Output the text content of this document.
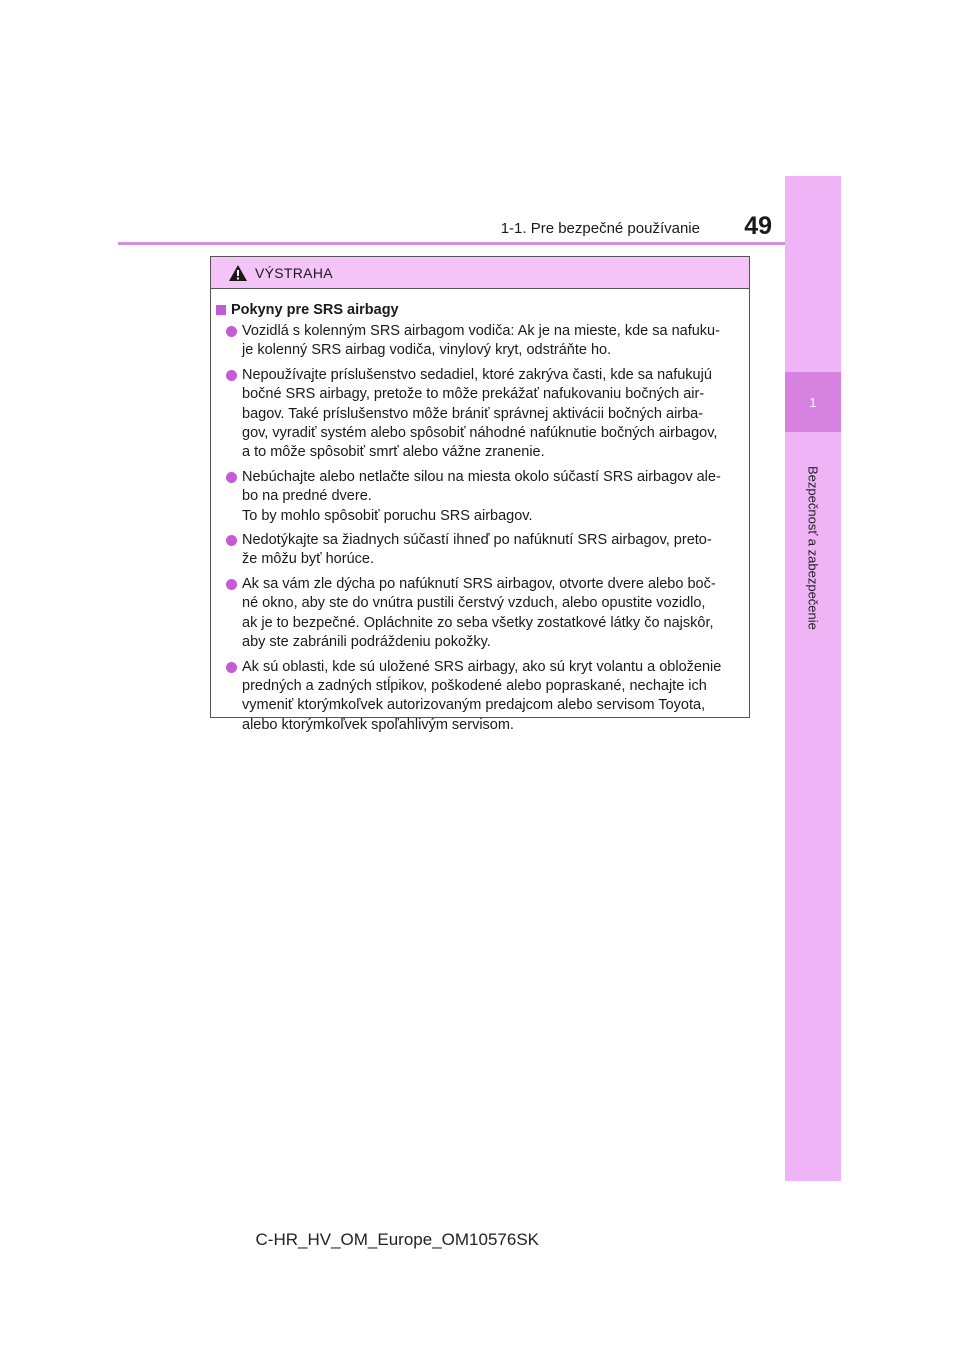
1-1. Pre bezpečné používanie	49
1
Bezpečnosť a zabezpečenie
VÝSTRAHA
Pokyny pre SRS airbagy
Vozidlá s kolenným SRS airbagom vodiča: Ak je na mieste, kde sa nafuku-
je kolenný SRS airbag vodiča, vinylový kryt, odstráňte ho.
Nepoužívajte príslušenstvo sedadiel, ktoré zakrýva časti, kde sa nafukujú
bočné SRS airbagy, pretože to môže prekážať nafukovaniu bočných air-
bagov. Také príslušenstvo môže brániť správnej aktivácii bočných airba-
gov, vyradiť systém alebo spôsobiť náhodné nafúknutie bočných airbagov,
a to môže spôsobiť smrť alebo vážne zranenie.
Nebúchajte alebo netlačte silou na miesta okolo súčastí SRS airbagov ale-
bo na predné dvere.
To by mohlo spôsobiť poruchu SRS airbagov.
Nedotýkajte sa žiadnych súčastí ihneď po nafúknutí SRS airbagov, preto-
že môžu byť horúce.
Ak sa vám zle dýcha po nafúknutí SRS airbagov, otvorte dvere alebo boč-
né okno, aby ste do vnútra pustili čerstvý vzduch, alebo opustite vozidlo,
ak je to bezpečné. Opláchnite zo seba všetky zostatkové látky čo najskôr,
aby ste zabránili podráždeniu pokožky.
Ak sú oblasti, kde sú uložené SRS airbagy, ako sú kryt volantu a obloženie
predných a zadných stĺpikov, poškodené alebo popraskané, nechajte ich
vymeniť ktorýmkoľvek autorizovaným predajcom alebo servisom Toyota,
alebo ktorýmkoľvek spoľahlivým servisom.
C-HR_HV_OM_Europe_OM10576SK
